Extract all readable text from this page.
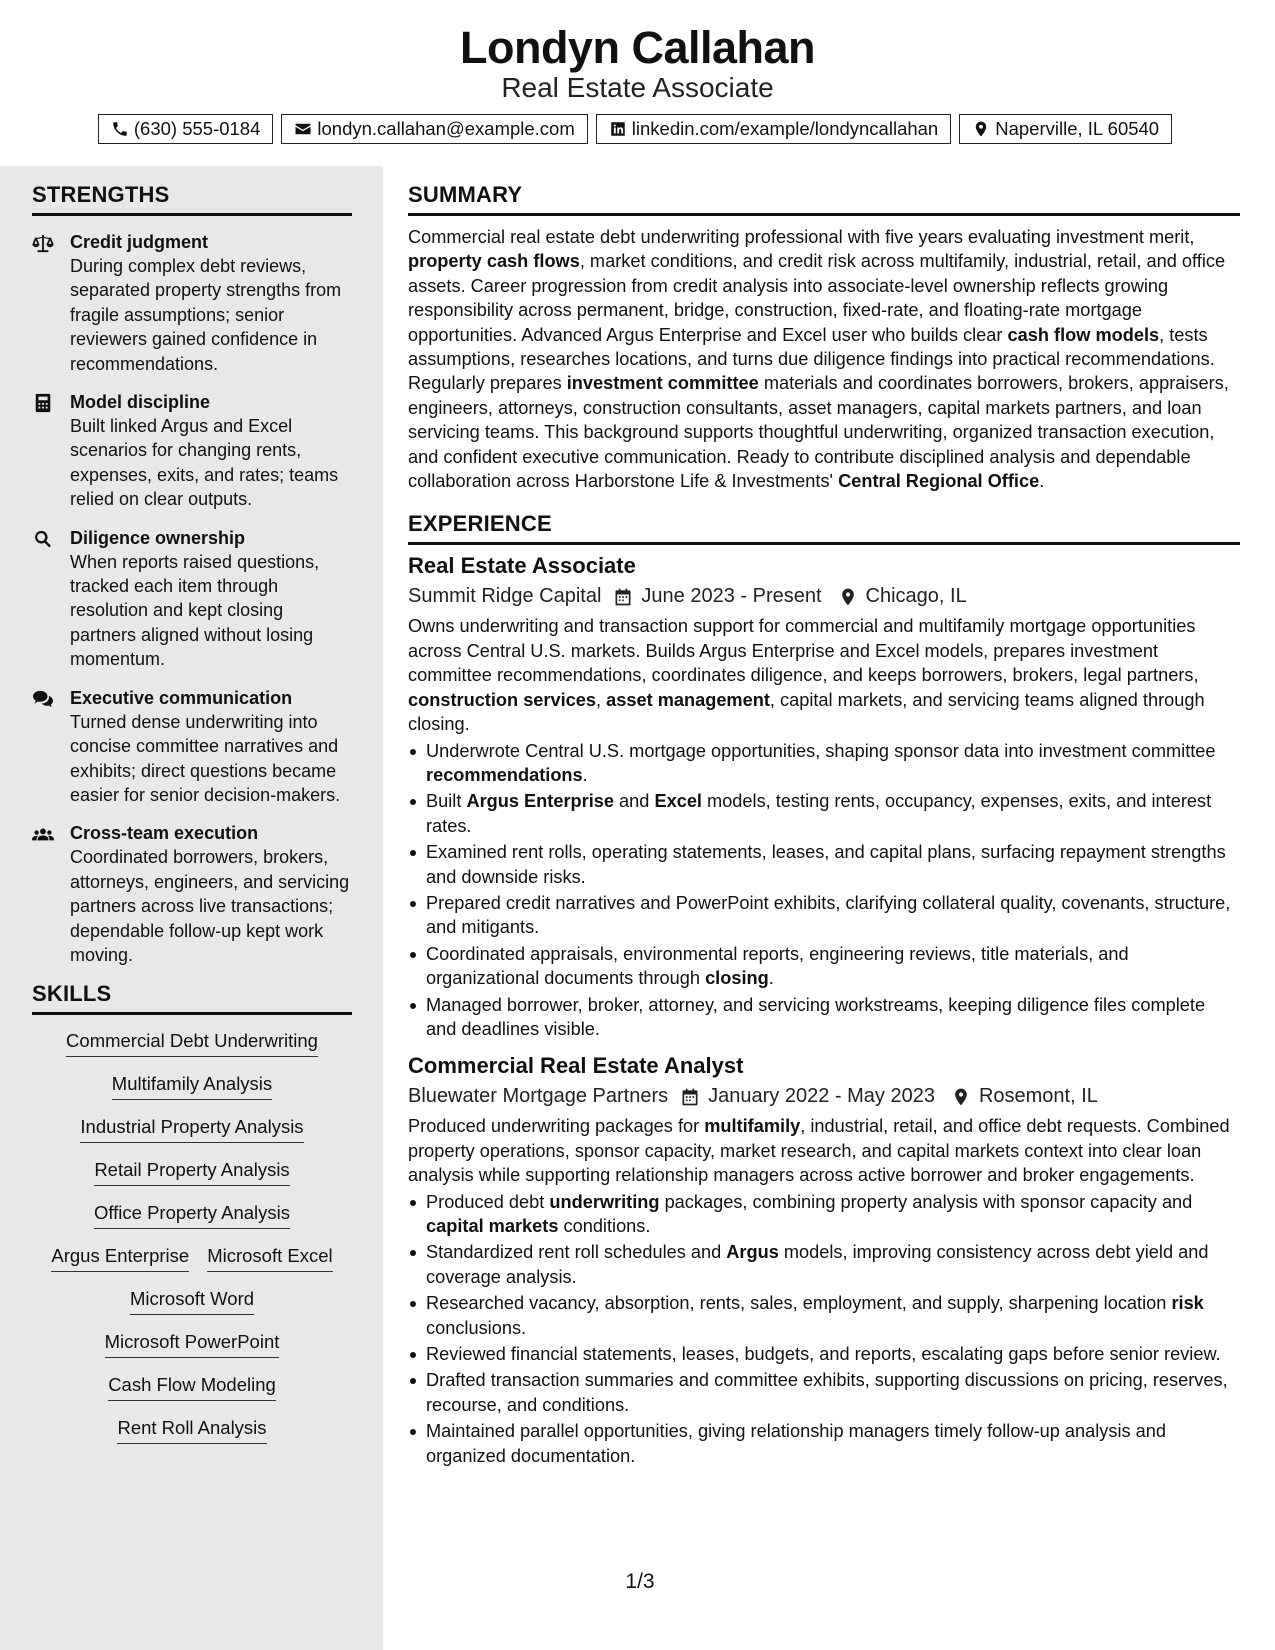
Londyn Callahan
Real Estate Associate
(630) 555-0184	londyn.callahan@example.com	linkedin.com/example/londyncallahan	Naperville, IL 60540
STRENGTHS
Credit judgment
During complex debt reviews, separated property strengths from fragile assumptions; senior reviewers gained confidence in recommendations.
Model discipline
Built linked Argus and Excel scenarios for changing rents, expenses, exits, and rates; teams relied on clear outputs.
Diligence ownership
When reports raised questions, tracked each item through resolution and kept closing partners aligned without losing momentum.
Executive communication
Turned dense underwriting into concise committee narratives and exhibits; direct questions became easier for senior decision-makers.
Cross-team execution
Coordinated borrowers, brokers, attorneys, engineers, and servicing partners across live transactions; dependable follow-up kept work moving.
SKILLS
Commercial Debt Underwriting
Multifamily Analysis
Industrial Property Analysis
Retail Property Analysis
Office Property Analysis
Argus Enterprise Microsoft Excel
Microsoft Word
Microsoft PowerPoint
Cash Flow Modeling
Rent Roll Analysis
SUMMARY
Commercial real estate debt underwriting professional with five years evaluating investment merit, property cash flows, market conditions, and credit risk across multifamily, industrial, retail, and office assets. Career progression from credit analysis into associate-level ownership reflects growing responsibility across permanent, bridge, construction, fixed-rate, and floating-rate mortgage opportunities. Advanced Argus Enterprise and Excel user who builds clear cash flow models, tests assumptions, researches locations, and turns due diligence findings into practical recommendations. Regularly prepares investment committee materials and coordinates borrowers, brokers, appraisers, engineers, attorneys, construction consultants, asset managers, capital markets partners, and loan servicing teams. This background supports thoughtful underwriting, organized transaction execution, and confident executive communication. Ready to contribute disciplined analysis and dependable collaboration across Harborstone Life & Investments' Central Regional Office.
EXPERIENCE
Real Estate Associate
Summit Ridge Capital June 2023 - Present Chicago, IL
Owns underwriting and transaction support for commercial and multifamily mortgage opportunities across Central U.S. markets. Builds Argus Enterprise and Excel models, prepares investment committee recommendations, coordinates diligence, and keeps borrowers, brokers, legal partners, construction services, asset management, capital markets, and servicing teams aligned through closing.
Underwrote Central U.S. mortgage opportunities, shaping sponsor data into investment committee recommendations.
Built Argus Enterprise and Excel models, testing rents, occupancy, expenses, exits, and interest rates.
Examined rent rolls, operating statements, leases, and capital plans, surfacing repayment strengths and downside risks.
Prepared credit narratives and PowerPoint exhibits, clarifying collateral quality, covenants, structure, and mitigants.
Coordinated appraisals, environmental reports, engineering reviews, title materials, and organizational documents through closing.
Managed borrower, broker, attorney, and servicing workstreams, keeping diligence files complete and deadlines visible.
Commercial Real Estate Analyst
Bluewater Mortgage Partners January 2022 - May 2023 Rosemont, IL
Produced underwriting packages for multifamily, industrial, retail, and office debt requests. Combined property operations, sponsor capacity, market research, and capital markets context into clear loan analysis while supporting relationship managers across active borrower and broker engagements.
Produced debt underwriting packages, combining property analysis with sponsor capacity and capital markets conditions.
Standardized rent roll schedules and Argus models, improving consistency across debt yield and coverage analysis.
Researched vacancy, absorption, rents, sales, employment, and supply, sharpening location risk conclusions.
Reviewed financial statements, leases, budgets, and reports, escalating gaps before senior review.
Drafted transaction summaries and committee exhibits, supporting discussions on pricing, reserves, recourse, and conditions.
Maintained parallel opportunities, giving relationship managers timely follow-up analysis and organized documentation.
1/3
